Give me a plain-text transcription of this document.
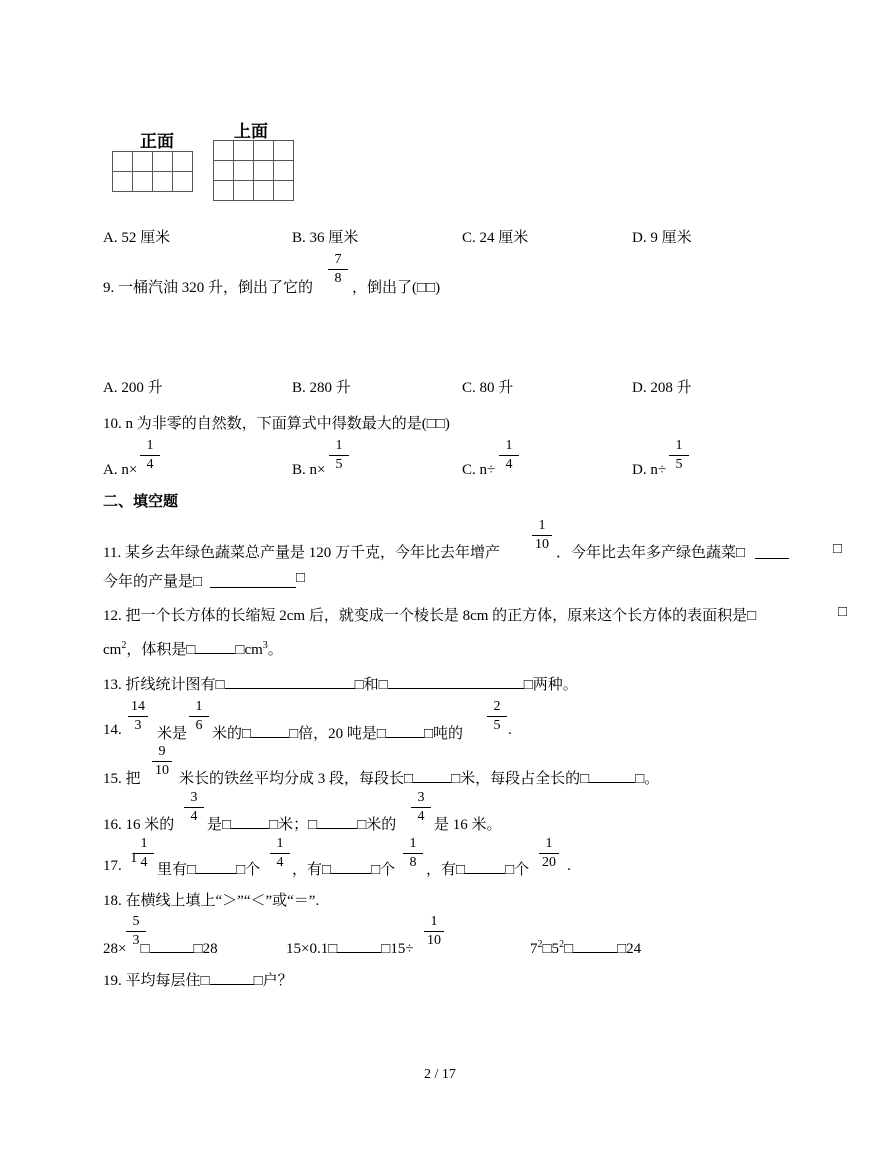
正面	上面

A. 52 厘米	B. 36 厘米	C. 24 厘米	D. 9 厘米
9. 一桶汽油 320 升，倒出了它的
7
8
，倒出了(□□)
A. 200 升	B. 280 升	C. 80 升	D. 208 升
10. n 为非零的自然数，下面算式中得数最大的是(□□)
A. n×
1
4	B. n×
1
5	C. n÷
1
4	D. n÷
1
5
二、填空题
11. 某乡去年绿色蔬菜总产量是 120 万千克，今年比去年增产
1
10
．今年比去年多产绿色蔬菜□	□
今年的产量是□	□
12. 把一个长方体的长缩短 2cm 后，就变成一个棱长是 8cm 的正方体，原来这个长方体的表面积是□	□
$cm^2$，体积是□	$□cm^3$。
13. 折线统计图有□	□和□	□两种。
14.
14
3
米是
1
6
米的□	□倍，20 吨是□	□吨的
2
5 .
15. 把
9
10
米长的铁丝平均分成 3 段，每段长□	□米，每段占全长的□	□。
16. 16 米的
3
4
是□	□米；□	□米的
3
4
是 16 米。
17. 1
1
4 里有□	□个
1
4 ，有□	□个
1
8 ，有□	□个
1
20 .
18. 在横线上填上“＞”“＜”或“＝”.
5
3
28× □	□28	15×0.1□	□15÷
1
10
$7^2□5^2□$	□24
19. 平均每层住□	□户？
2 / 17
